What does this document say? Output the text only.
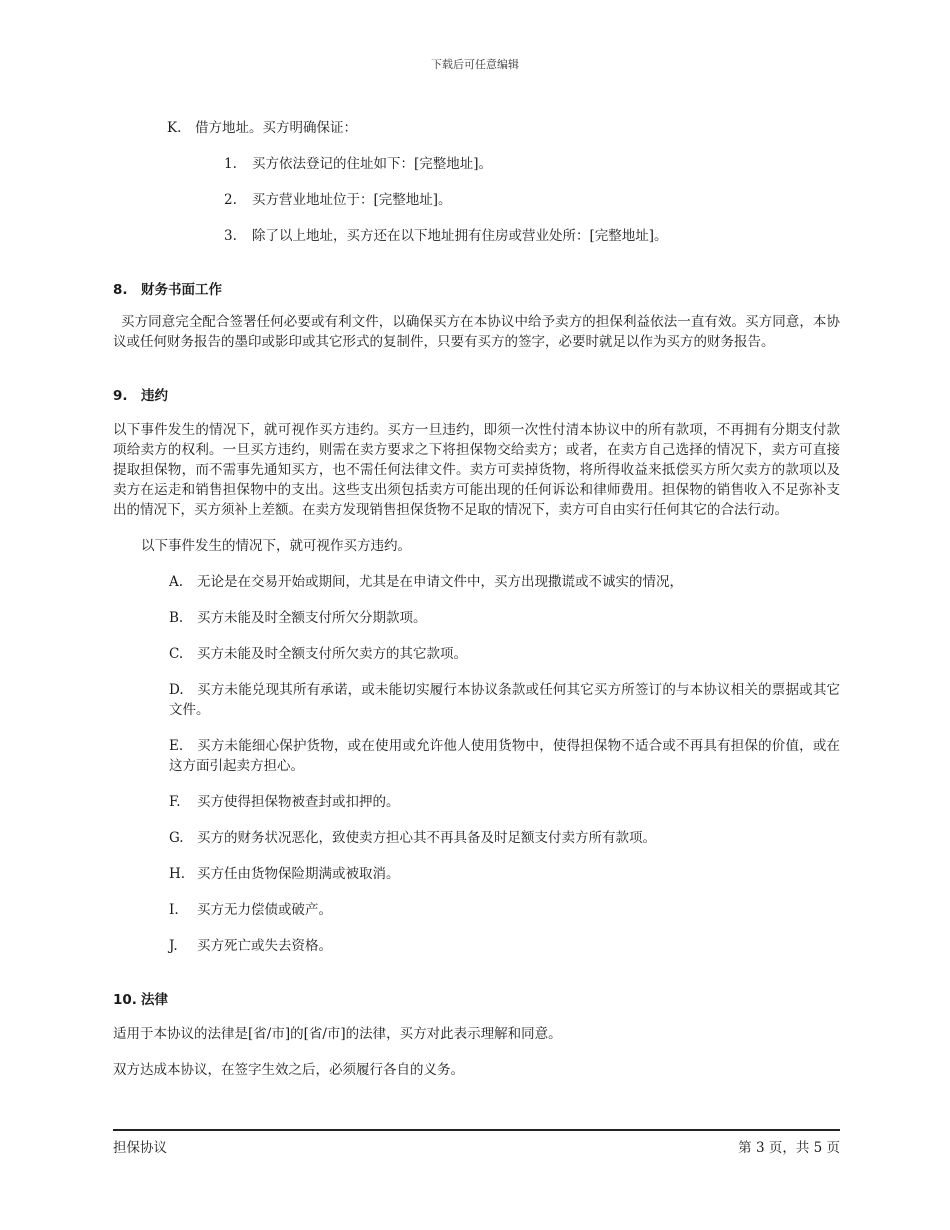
下载后可任意编辑
K. 借方地址。买方明确保证：
1. 买方依法登记的住址如下：[完整地址]。
2. 买方营业地址位于：[完整地址]。
3. 除了以上地址，买方还在以下地址拥有住房或营业处所：[完整地址]。
8. 财务书面工作
买方同意完全配合签署任何必要或有利文件，以确保买方在本协议中给予卖方的担保利益依法一直有效。买方同意，本协议或任何财务报告的墨印或影印或其它形式的复制件，只要有买方的签字，必要时就足以作为买方的财务报告。
9. 违约
以下事件发生的情况下，就可视作买方违约。买方一旦违约，即须一次性付清本协议中的所有款项，不再拥有分期支付款项给卖方的权利。一旦买方违约，则需在卖方要求之下将担保物交给卖方；或者，在卖方自己选择的情况下，卖方可直接提取担保物，而不需事先通知买方，也不需任何法律文件。卖方可卖掉货物，将所得收益来抵偿买方所欠卖方的款项以及卖方在运走和销售担保物中的支出。这些支出须包括卖方可能出现的任何诉讼和律师费用。担保物的销售收入不足弥补支出的情况下，买方须补上差额。在卖方发现销售担保货物不足取的情况下，卖方可自由实行任何其它的合法行动。
以下事件发生的情况下，就可视作买方违约。
A. 无论是在交易开始或期间，尤其是在申请文件中，买方出现撒谎或不诚实的情况，
B. 买方未能及时全额支付所欠分期款项。
C. 买方未能及时全额支付所欠卖方的其它款项。
D. 买方未能兑现其所有承诺，或未能切实履行本协议条款或任何其它买方所签订的与本协议相关的票据或其它文件。
E. 买方未能细心保护货物，或在使用或允许他人使用货物中，使得担保物不适合或不再具有担保的价值，或在这方面引起卖方担心。
F. 买方使得担保物被查封或扣押的。
G. 买方的财务状况恶化，致使卖方担心其不再具备及时足额支付卖方所有款项。
H. 买方任由货物保险期满或被取消。
I. 买方无力偿债或破产。
J. 买方死亡或失去资格。
10. 法律
适用于本协议的法律是[省/市]的[省/市]的法律，买方对此表示理解和同意。
双方达成本协议，在签字生效之后，必须履行各自的义务。
担保协议	第 3 页，共 5 页
